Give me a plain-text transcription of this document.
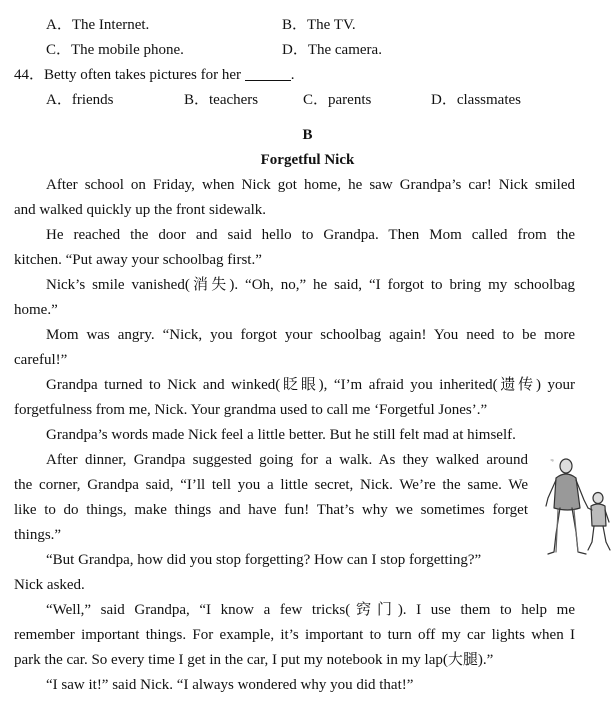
A．The Internet.	B．The TV.
C．The mobile phone.	D．The camera.
44．Betty often takes pictures for her	.
A．friends	B．teachers	C．parents	D．classmates
B
Forgetful Nick
After school on Friday, when Nick got home, he saw Grandpa’s car! Nick smiled
and walked quickly up the front sidewalk.
He reached the door and said hello to Grandpa. Then Mom called from the
kitchen. “Put away your schoolbag first.”
Nick’s smile vanished(消失). “Oh, no,” he said, “I forgot to bring my schoolbag
home.”
Mom was angry. “Nick, you forgot your schoolbag again! You need to be more
careful!”
Grandpa turned to Nick and winked(眨眼), “I’m afraid you inherited(遗传) your
forgetfulness from me, Nick. Your grandma used to call me ‘Forgetful Jones’.”
Grandpa’s words made Nick feel a little better. But he still felt mad at himself.
After dinner, Grandpa suggested going for a walk. As they walked around
the corner, Grandpa said, “I’ll tell you a little secret, Nick. We’re the same. We
like to do things, make things and have fun! That’s why we sometimes forget
things.”
“But Grandpa, how did you stop forgetting? How can I stop forgetting?”
Nick asked.
“Well,” said Grandpa, “I know a few tricks(窍门). I use them to help me
remember important things. For example, it’s important to turn off my car lights when I
park the car. So every time I get in the car, I put my notebook in my lap(大腿).”
“I saw it!” said Nick. “I always wondered why you did that!”
